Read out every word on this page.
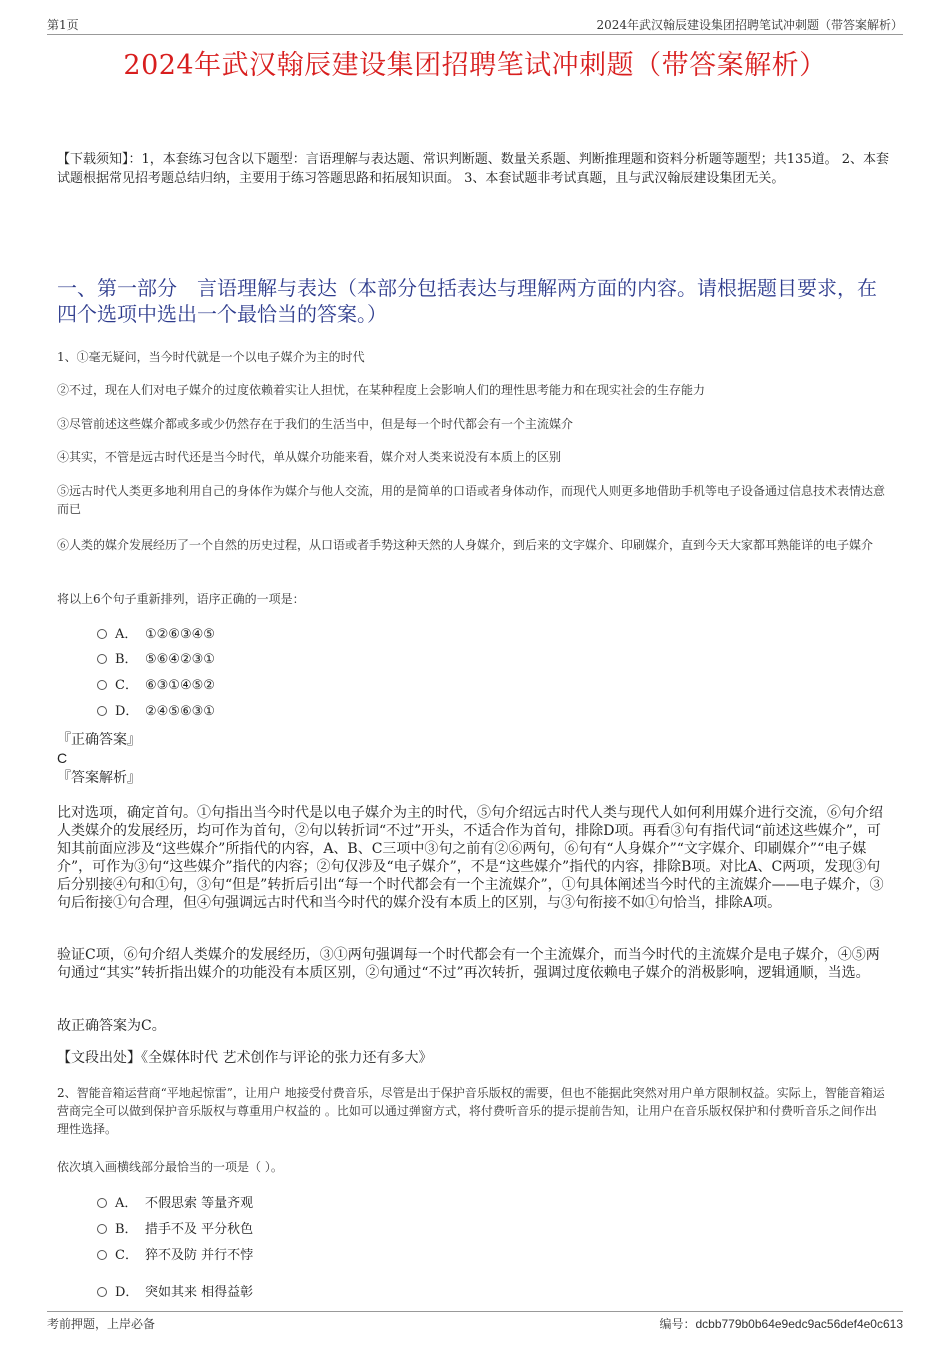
第1页	2024年武汉翰辰建设集团招聘笔试冲刺题（带答案解析）
2024年武汉翰辰建设集团招聘笔试冲刺题（带答案解析）
【下载须知】：1，本套练习包含以下题型：言语理解与表达题、常识判断题、数量关系题、判断推理题和资料分析题等题型；共135道。 2、本套试题根据常见招考题总结归纳，主要用于练习答题思路和拓展知识面。 3、本套试题非考试真题，且与武汉翰辰建设集团无关。
一、第一部分　言语理解与表达（本部分包括表达与理解两方面的内容。请根据题目要求，在四个选项中选出一个最恰当的答案。）
1、①毫无疑问，当今时代就是一个以电子媒介为主的时代
②不过，现在人们对电子媒介的过度依赖着实让人担忧，在某种程度上会影响人们的理性思考能力和在现实社会的生存能力
③尽管前述这些媒介都或多或少仍然存在于我们的生活当中，但是每一个时代都会有一个主流媒介
④其实，不管是远古时代还是当今时代，单从媒介功能来看，媒介对人类来说没有本质上的区别
⑤远古时代人类更多地利用自己的身体作为媒介与他人交流，用的是简单的口语或者身体动作，而现代人则更多地借助手机等电子设备通过信息技术表情达意而已
⑥人类的媒介发展经历了一个自然的历史过程，从口语或者手势这种天然的人身媒介，到后来的文字媒介、印刷媒介，直到今天大家都耳熟能详的电子媒介
将以上6个句子重新排列，语序正确的一项是：
A． ①②⑥③④⑤
B． ⑤⑥④②③①
C． ⑥③①④⑤②
D． ②④⑤⑥③①
『正确答案』
C
『答案解析』
比对选项，确定首句。①句指出当今时代是以电子媒介为主的时代，⑤句介绍远古时代人类与现代人如何利用媒介进行交流，⑥句介绍人类媒介的发展经历，均可作为首句，②句以转折词“不过”开头，不适合作为首句，排除D项。再看③句有指代词“前述这些媒介”，可知其前面应涉及“这些媒介”所指代的内容，A、B、C三项中③句之前有②⑥两句，⑥句有“人身媒介”“文字媒介、印刷媒介”“电子媒介”，可作为③句“这些媒介”指代的内容；②句仅涉及“电子媒介”，不是“这些媒介”指代的内容，排除B项。对比A、C两项，发现③句后分别接④句和①句，③句“但是”转折后引出“每一个时代都会有一个主流媒介”，①句具体阐述当今时代的主流媒介——电子媒介，③句后衔接①句合理，但④句强调远古时代和当今时代的媒介没有本质上的区别，与③句衔接不如①句恰当，排除A项。
验证C项，⑥句介绍人类媒介的发展经历，③①两句强调每一个时代都会有一个主流媒介，而当今时代的主流媒介是电子媒介，④⑤两句通过“其实”转折指出媒介的功能没有本质区别，②句通过“不过”再次转折，强调过度依赖电子媒介的消极影响，逻辑通顺，当选。
故正确答案为C。
【文段出处】《全媒体时代 艺术创作与评论的张力还有多大》
2、智能音箱运营商“平地起惊雷”，让用户 地接受付费音乐，尽管是出于保护音乐版权的需要，但也不能据此突然对用户单方限制权益。实际上，智能音箱运营商完全可以做到保护音乐版权与尊重用户权益的 。比如可以通过弹窗方式，将付费听音乐的提示提前告知，让用户在音乐版权保护和付费听音乐之间作出理性选择。
依次填入画横线部分最恰当的一项是（ ）。
A． 不假思索 等量齐观
B． 措手不及 平分秋色
C． 猝不及防 并行不悖
D． 突如其来 相得益彰
考前押题，上岸必备	编号：dcbb779b0b64e9edc9ac56def4e0c613
